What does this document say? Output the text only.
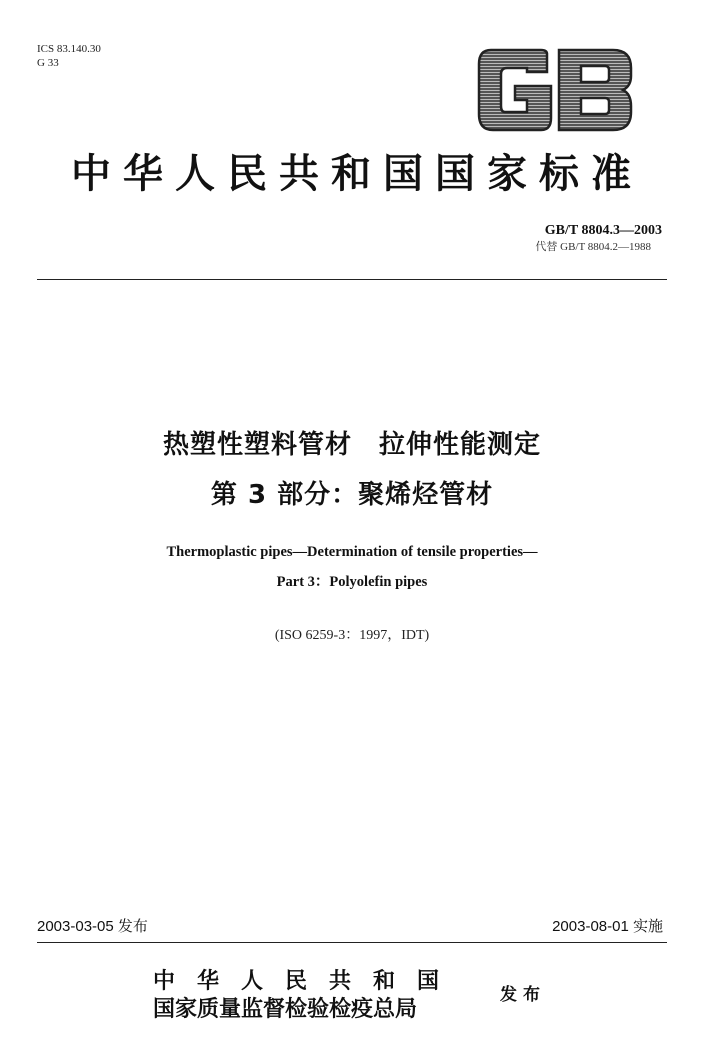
ICS 83.140.30
G 33
中华人民共和国国家标准
GB/T 8804.3—2003
代替 GB/T 8804.2—1988
热塑性塑料管材　拉伸性能测定
第 3 部分：聚烯烃管材
Thermoplastic pipes—Determination of tensile properties—
Part 3：Polyolefin pipes
(ISO 6259-3：1997，IDT)
2003-03-05 发布	2003-08-01 实施
中华人民共和国
国家质量监督检验检疫总局
发布
